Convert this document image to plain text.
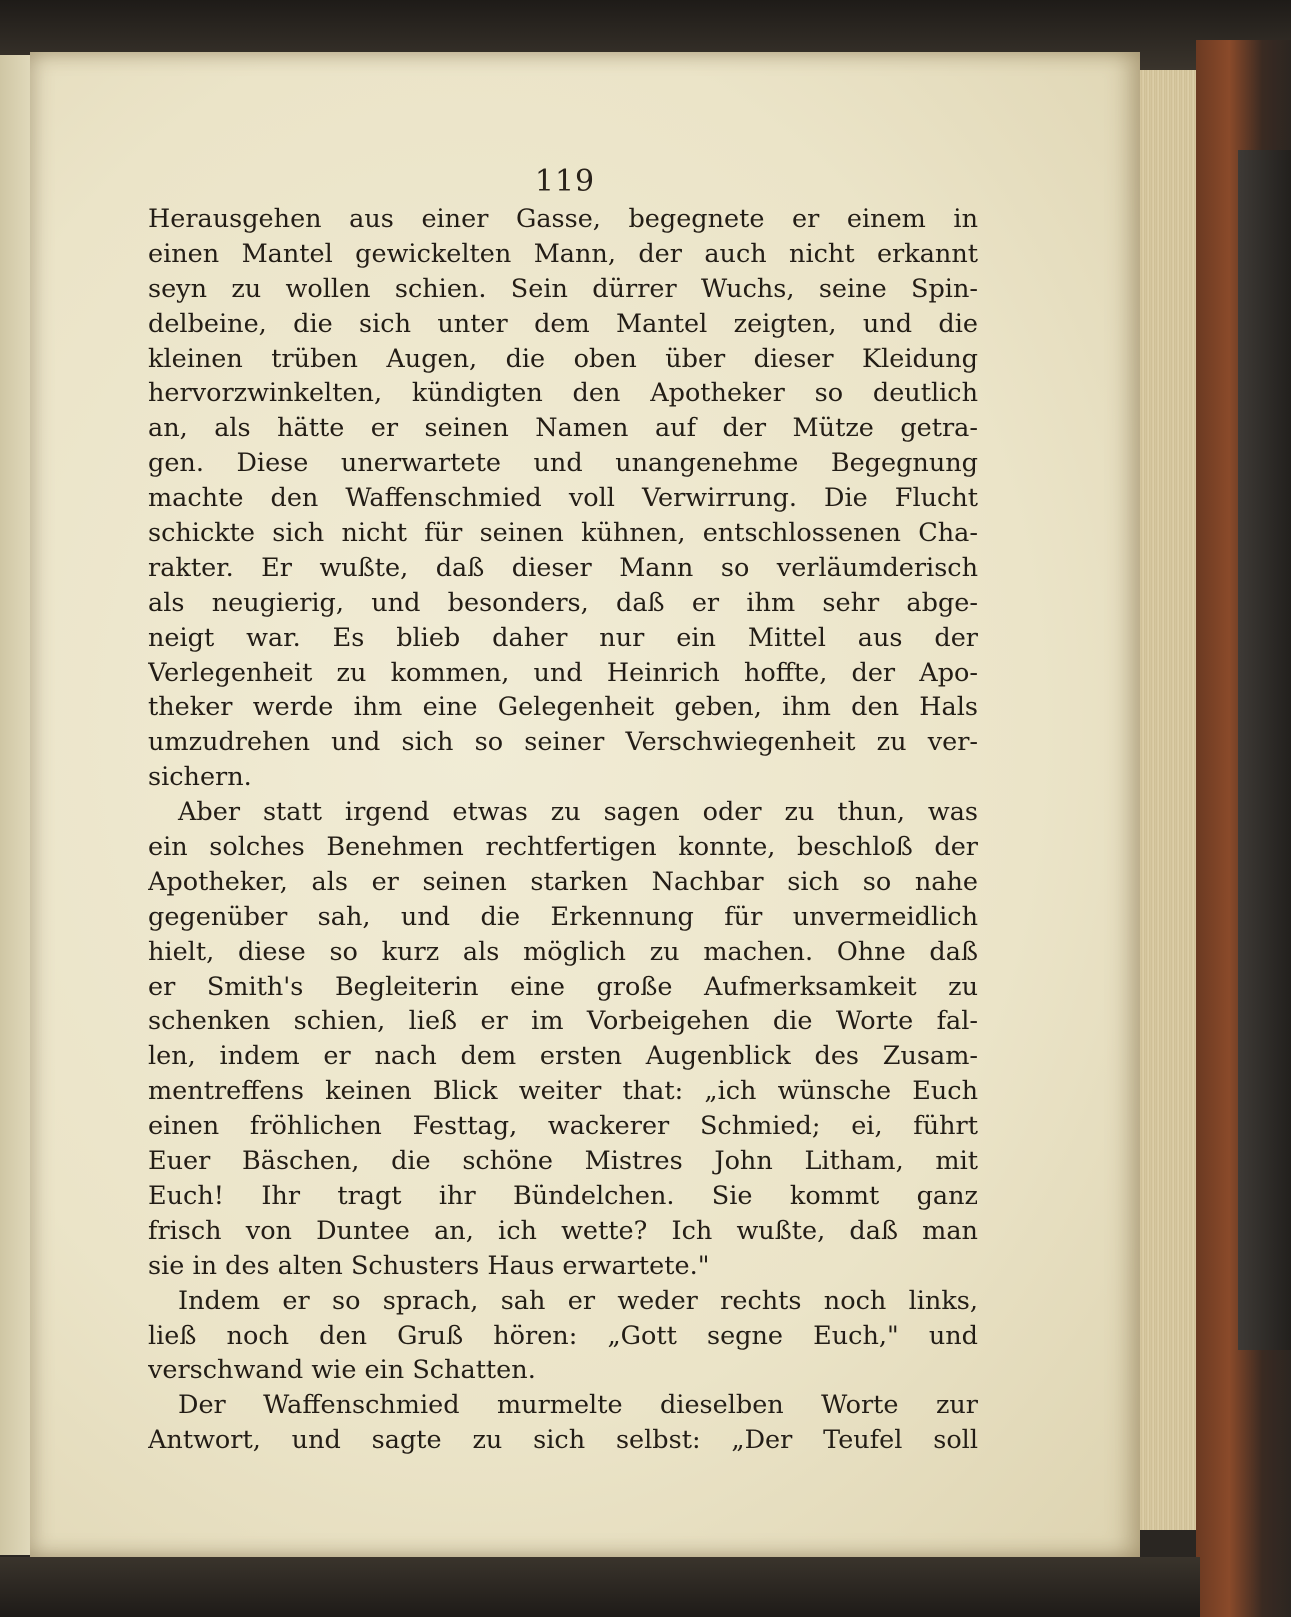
119
Herausgehen aus einer Gasse, begegnete er einem in
einen Mantel gewickelten Mann, der auch nicht erkannt
seyn zu wollen schien. Sein dürrer Wuchs, seine Spin-
delbeine, die sich unter dem Mantel zeigten, und die
kleinen trüben Augen, die oben über dieser Kleidung
hervorzwinkelten, kündigten den Apotheker so deutlich
an, als hätte er seinen Namen auf der Mütze getra-
gen. Diese unerwartete und unangenehme Begegnung
machte den Waffenschmied voll Verwirrung. Die Flucht
schickte sich nicht für seinen kühnen, entschlossenen Cha-
rakter. Er wußte, daß dieser Mann so verläumderisch
als neugierig, und besonders, daß er ihm sehr abge-
neigt war. Es blieb daher nur ein Mittel aus der
Verlegenheit zu kommen, und Heinrich hoffte, der Apo-
theker werde ihm eine Gelegenheit geben, ihm den Hals
umzudrehen und sich so seiner Verschwiegenheit zu ver-
sichern.
Aber statt irgend etwas zu sagen oder zu thun, was
ein solches Benehmen rechtfertigen konnte, beschloß der
Apotheker, als er seinen starken Nachbar sich so nahe
gegenüber sah, und die Erkennung für unvermeidlich
hielt, diese so kurz als möglich zu machen. Ohne daß
er Smith's Begleiterin eine große Aufmerksamkeit zu
schenken schien, ließ er im Vorbeigehen die Worte fal-
len, indem er nach dem ersten Augenblick des Zusam-
mentreffens keinen Blick weiter that: „ich wünsche Euch
einen fröhlichen Festtag, wackerer Schmied; ei, führt
Euer Bäschen, die schöne Mistres John Litham, mit
Euch! Ihr tragt ihr Bündelchen. Sie kommt ganz
frisch von Duntee an, ich wette? Ich wußte, daß man
sie in des alten Schusters Haus erwartete."
Indem er so sprach, sah er weder rechts noch links,
ließ noch den Gruß hören: „Gott segne Euch," und
verschwand wie ein Schatten.
Der Waffenschmied murmelte dieselben Worte zur
Antwort, und sagte zu sich selbst: „Der Teufel soll
